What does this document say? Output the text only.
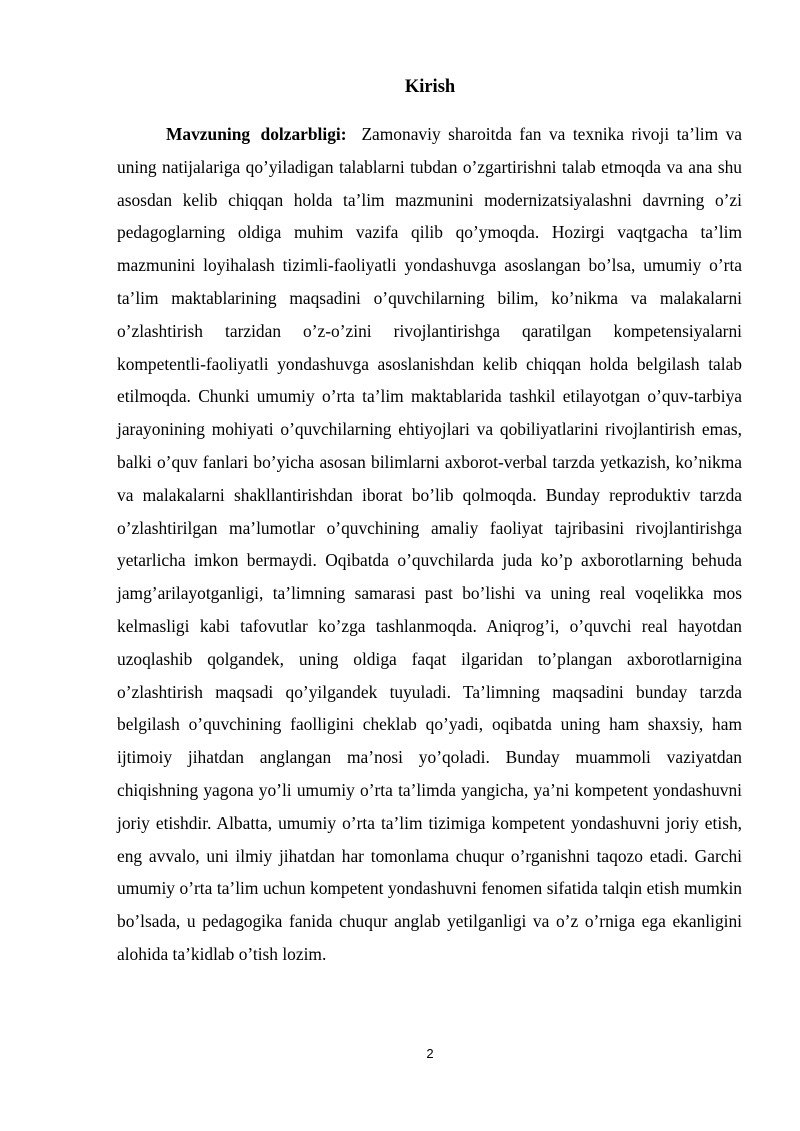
Kirish

Mavzuning dolzarbligi: Zamonaviy sharoitda fan va texnika rivoji ta’lim va uning natijalariga qo’yiladigan talablarni tubdan o’zgartirishni talab etmoqda va ana shu asosdan kelib chiqqan holda ta’lim mazmunini modernizatsiyalashni davrning o’zi pedagoglarning oldiga muhim vazifa qilib qo’ymoqda. Hozirgi vaqtgacha ta’lim mazmunini loyihalash tizimli-faoliyatli yondashuvga asoslangan bo’lsa, umumiy o’rta ta’lim maktablarining maqsadini o’quvchilarning bilim, ko’nikma va malakalarni o’zlashtirish tarzidan o’z-o’zini rivojlantirishga qaratilgan kompetensiyalarni kompetentli-faoliyatli yondashuvga asoslanishdan kelib chiqqan holda belgilash talab etilmoqda. Chunki umumiy o’rta ta’lim maktablarida tashkil etilayotgan o’quv-tarbiya jarayonining mohiyati o’quvchilarning ehtiyojlari va qobiliyatlarini rivojlantirish emas, balki o’quv fanlari bo’yicha asosan bilimlarni axborot-verbal tarzda yetkazish, ko’nikma va malakalarni shakllantirishdan iborat bo’lib qolmoqda. Bunday reproduktiv tarzda o’zlashtirilgan ma’lumotlar o’quvchining amaliy faoliyat tajribasini rivojlantirishga yetarlicha imkon bermaydi. Oqibatda o’quvchilarda juda ko’p axborotlarning behuda jamg’arilayotganligi, ta’limning samarasi past bo’lishi va uning real voqelikka mos kelmasligi kabi tafovutlar ko’zga tashlanmoqda. Aniqrog’i, o’quvchi real hayotdan uzoqlashib qolgandek, uning oldiga faqat ilgaridan to’plangan axborotlarnigina o’zlashtirish maqsadi qo’yilgandek tuyuladi. Ta’limning maqsadini bunday tarzda belgilash o’quvchining faolligini cheklab qo’yadi, oqibatda uning ham shaxsiy, ham ijtimoiy jihatdan anglangan ma’nosi yo’qoladi. Bunday muammoli vaziyatdan chiqishning yagona yo’li umumiy o’rta ta’limda yangicha, ya’ni kompetent yondashuvni joriy etishdir. Albatta, umumiy o’rta ta’lim tizimiga kompetent yondashuvni joriy etish, eng avvalo, uni ilmiy jihatdan har tomonlama chuqur o’rganishni taqozo etadi. Garchi umumiy o’rta ta’lim uchun kompetent yondashuvni fenomen sifatida talqin etish mumkin bo’lsada, u pedagogika fanida chuqur anglab yetilganligi va o’z o’rniga ega ekanligini alohida ta’kidlab o’tish lozim.

2
